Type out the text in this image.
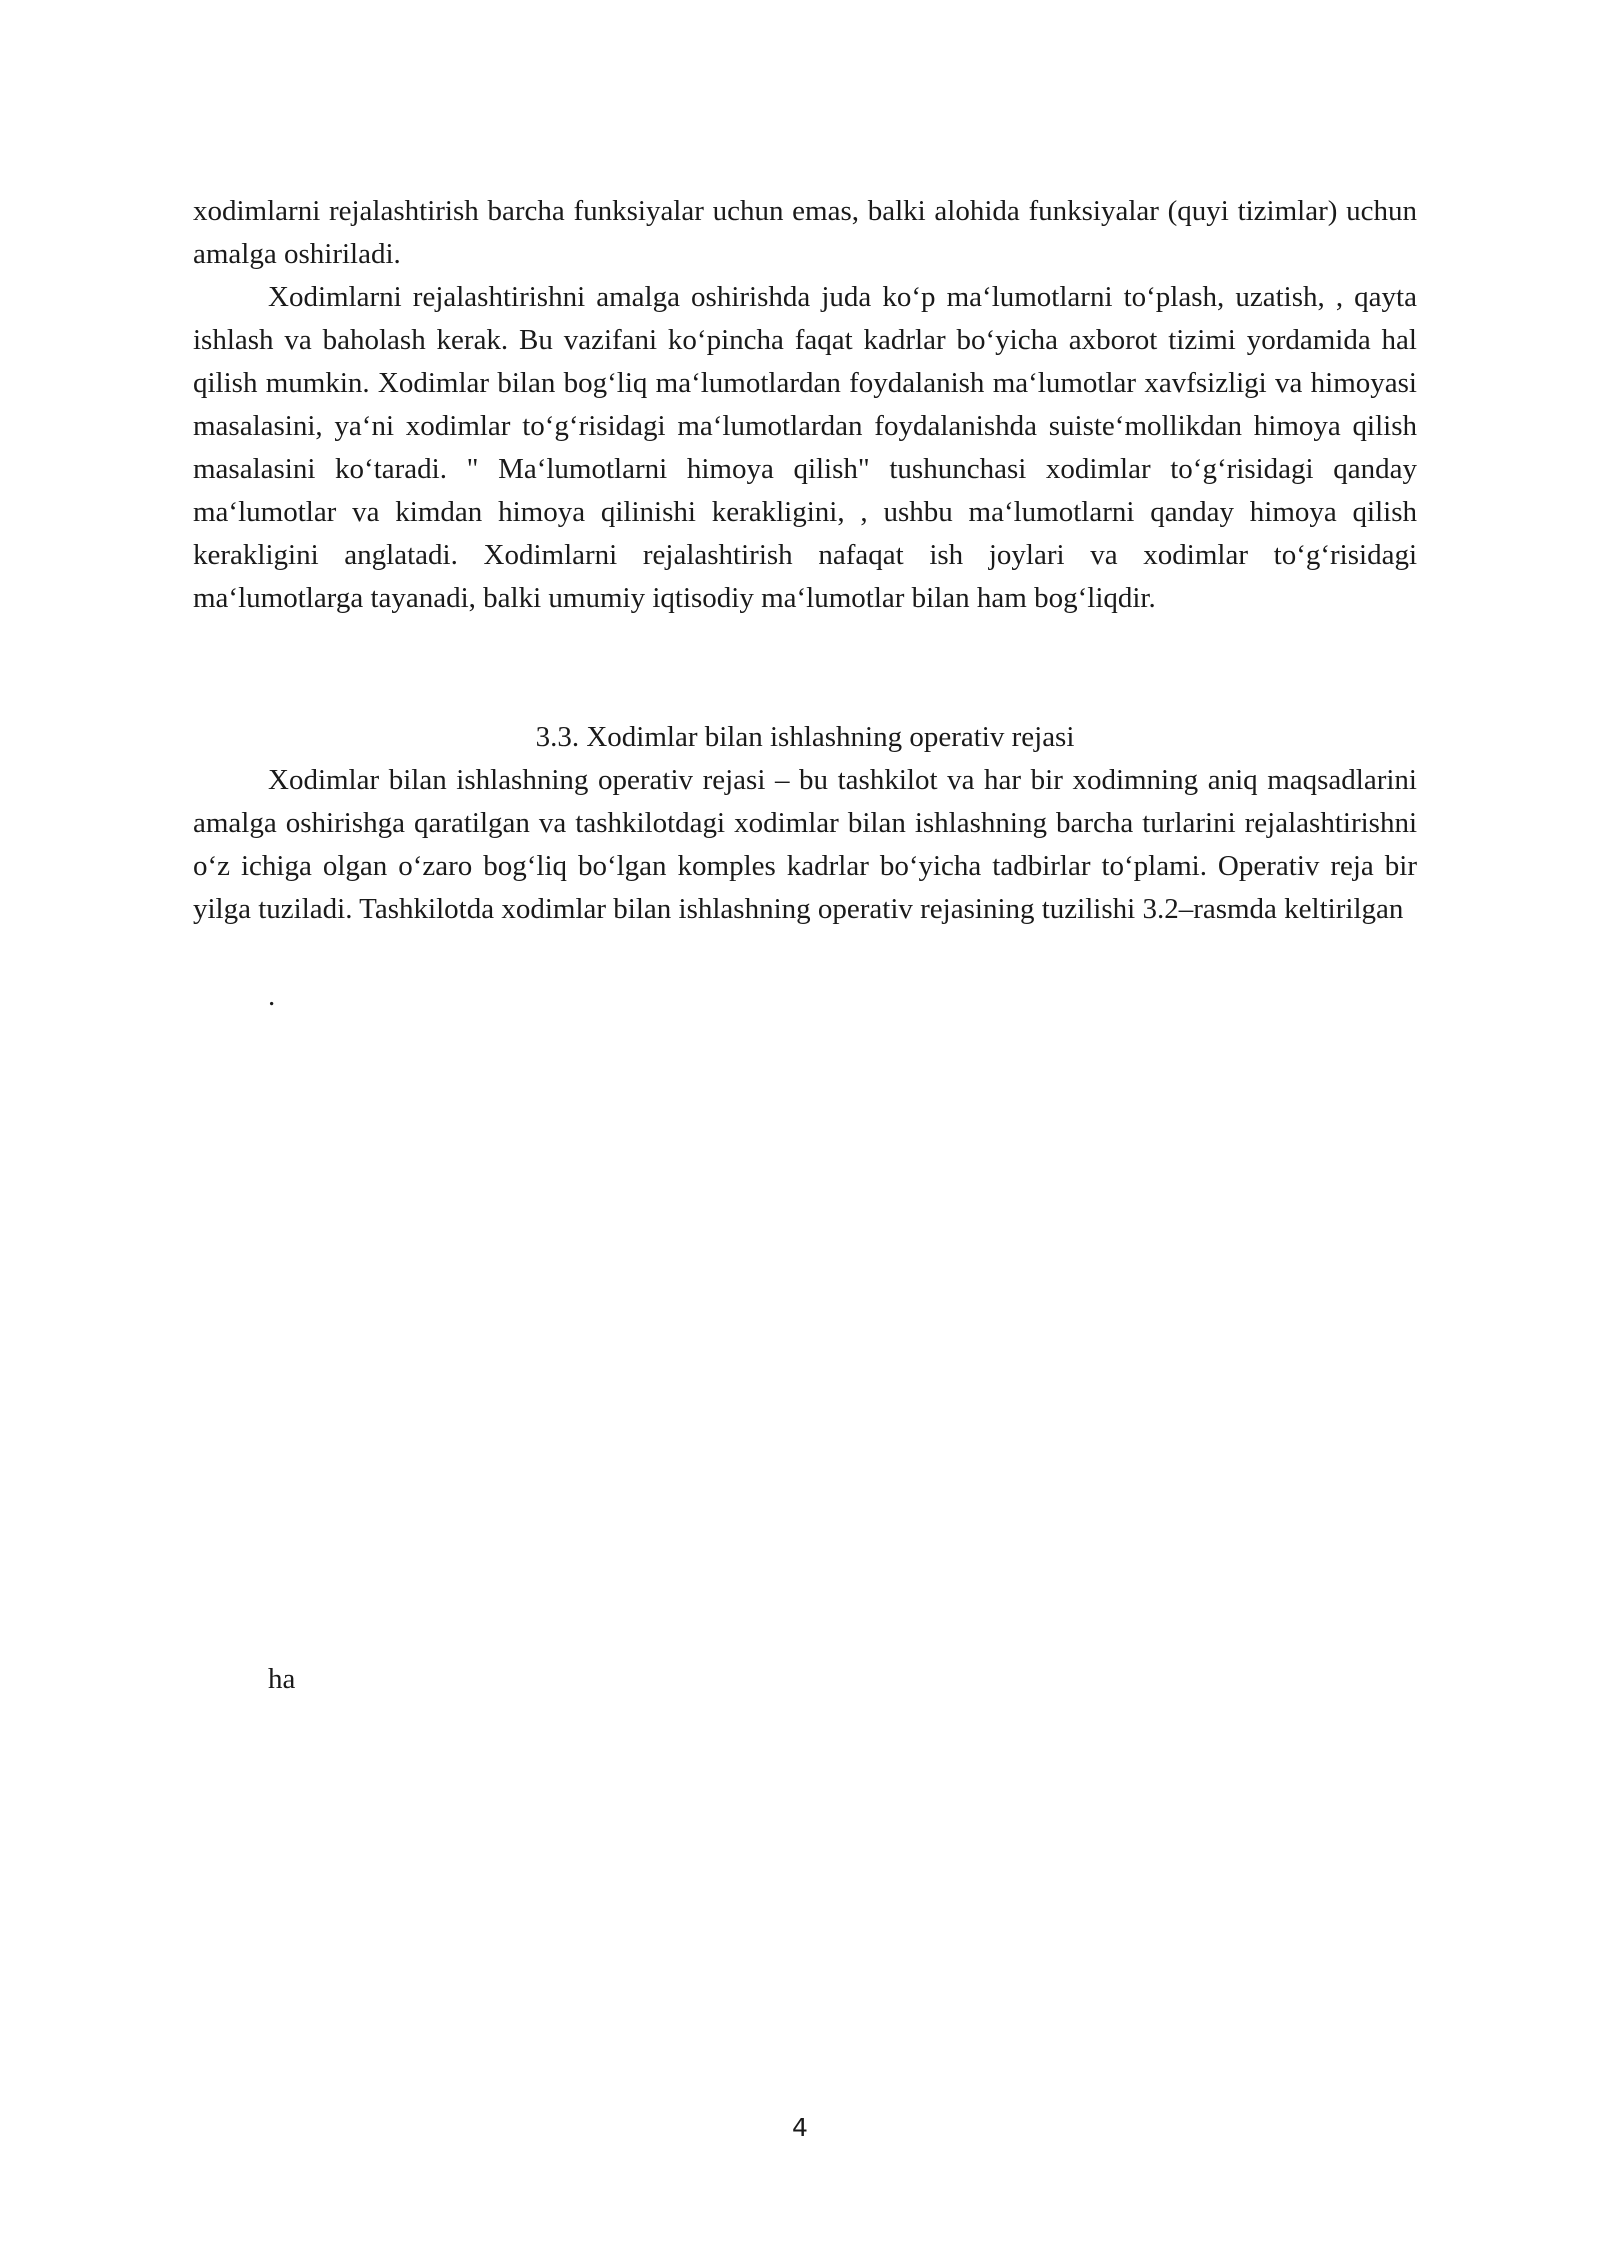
xodimlarni rejalashtirish barcha funksiyalar uchun emas, balki alohida funksiyalar (quyi tizimlar) uchun amalga oshiriladi.

Xodimlarni rejalashtirishni amalga oshirishda juda ko‘p ma‘lumotlarni to‘plash, uzatish, , qayta ishlash va baholash kerak. Bu vazifani ko‘pincha faqat kadrlar bo‘yicha axborot tizimi yordamida hal qilish mumkin. Xodimlar bilan bog‘liq ma‘lumotlardan foydalanish ma‘lumotlar xavfsizligi va himoyasi masalasini, ya‘ni xodimlar to‘g‘risidagi ma‘lumotlardan foydalanishda suiste‘mollikdan himoya qilish masalasini ko‘taradi. " Ma‘lumotlarni himoya qilish" tushunchasi xodimlar to‘g‘risidagi qanday ma‘lumotlar va kimdan himoya qilinishi kerakligini, , ushbu ma‘lumotlarni qanday himoya qilish kerakligini anglatadi. Xodimlarni rejalashtirish nafaqat ish joylari va xodimlar to‘g‘risidagi ma‘lumotlarga tayanadi, balki umumiy iqtisodiy ma‘lumotlar bilan ham bog‘liqdir.

3.3. Xodimlar bilan ishlashning operativ rejasi

Xodimlar bilan ishlashning operativ rejasi – bu tashkilot va har bir xodimning aniq maqsadlarini amalga oshirishga qaratilgan va tashkilotdagi xodimlar bilan ishlashning barcha turlarini rejalashtirishni o‘z ichiga olgan o‘zaro bog‘liq bo‘lgan komples kadrlar bo‘yicha tadbirlar to‘plami. Operativ reja bir yilga tuziladi. Tashkilotda xodimlar bilan ishlashning operativ rejasining tuzilishi 3.2–rasmda keltirilgan

.
ha
4
